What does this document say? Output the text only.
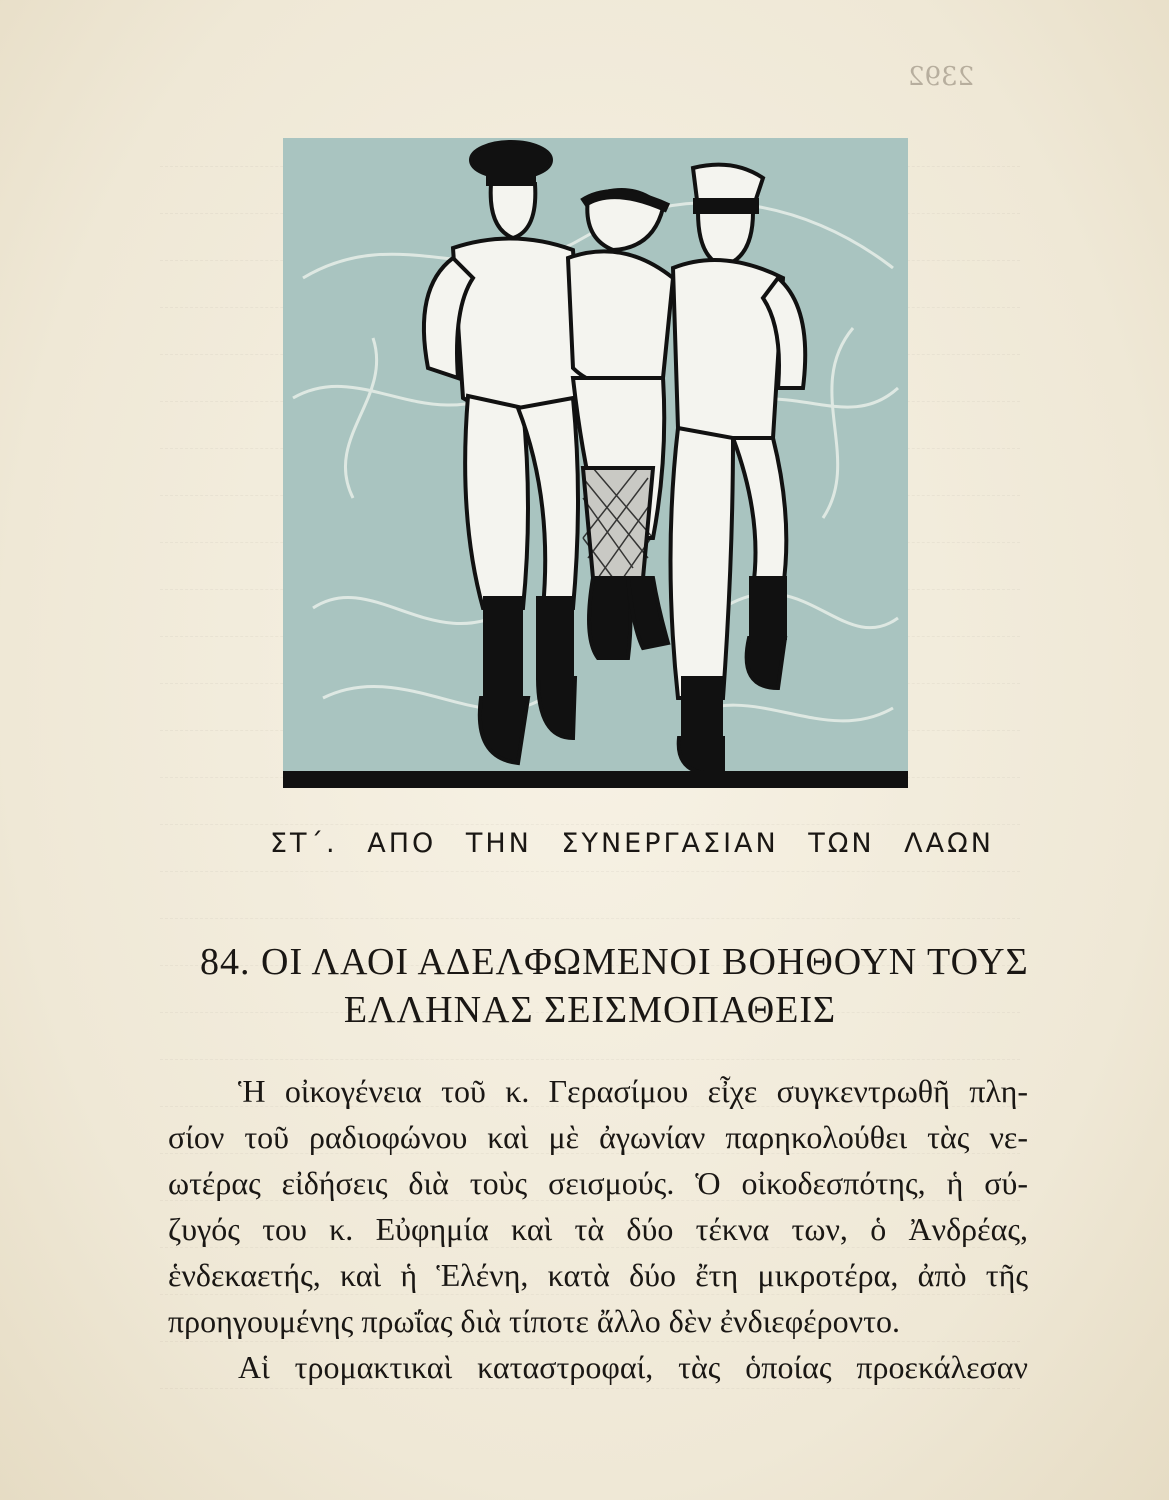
2392
ΣΤ΄. ΑΠΟ ΤΗΝ ΣΥΝΕΡΓΑΣΙΑΝ ΤΩΝ ΛΑΩΝ
84. ΟΙ ΛΑΟΙ ΑΔΕΛΦΩΜΕΝΟΙ ΒΟΗΘΟΥΝ ΤΟΥΣ
ΕΛΛΗΝΑΣ ΣΕΙΣΜΟΠΑΘΕΙΣ
Ἡ οἰκογένεια τοῦ κ. Γερασίμου εἶχε συγκεντρωθῆ πλη-
σίον τοῦ ραδιοφώνου καὶ μὲ ἀγωνίαν παρηκολούθει τὰς νε-
ωτέρας εἰδήσεις διὰ τοὺς σεισμούς. Ὁ οἰκοδεσπότης, ἡ σύ-
ζυγός του κ. Εὐφημία καὶ τὰ δύο τέκνα των, ὁ Ἀνδρέας,
ἑνδεκαετής, καὶ ἡ Ἑλένη, κατὰ δύο ἔτη μικροτέρα, ἀπὸ τῆς
προηγουμένης πρωΐας διὰ τίποτε ἄλλο δὲν ἐνδιεφέροντο.
Αἱ τρομακτικαὶ καταστροφαί, τὰς ὁποίας προεκάλεσαν
